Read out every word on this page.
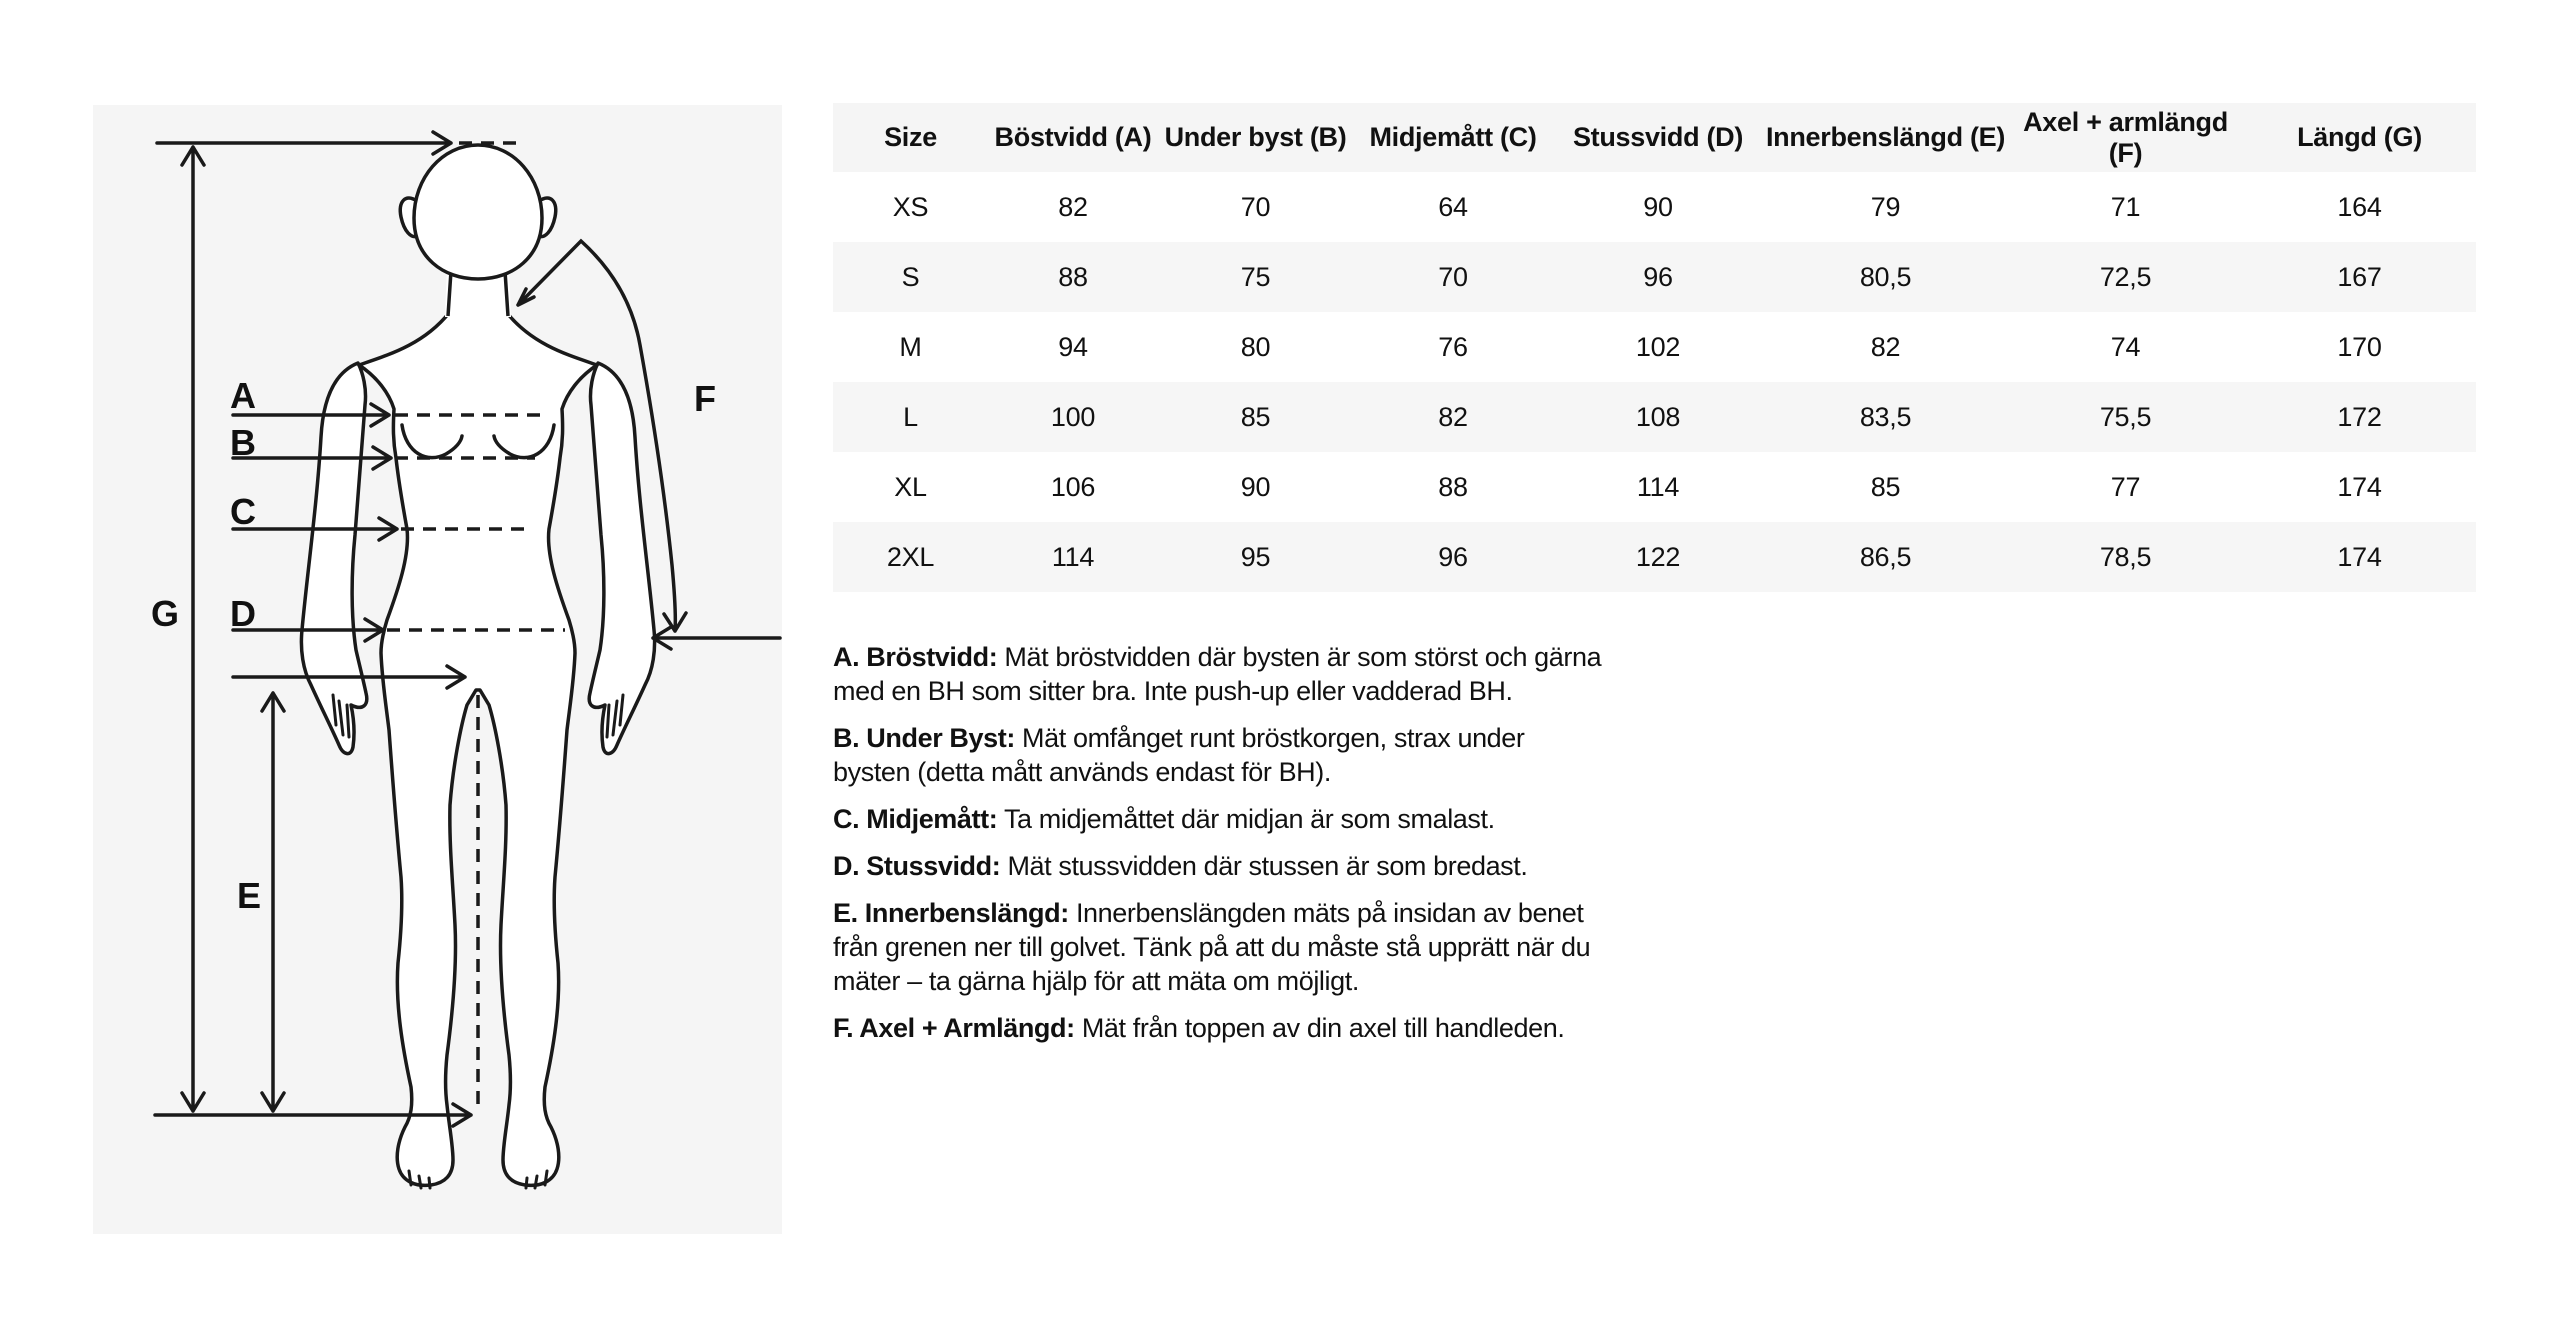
A
B
C
D
G
E
F
Size	Böstvidd (A)	Under byst (B)	Midjemått (C)	Stussvidd (D)	Innerbenslängd (E)	Axel + armlängd (F)	Längd (G)
XS	82	70	64	90	79	71	164
S	88	75	70	96	80,5	72,5	167
M	94	80	76	102	82	74	170
L	100	85	82	108	83,5	75,5	172
XL	106	90	88	114	85	77	174
2XL	114	95	96	122	86,5	78,5	174

A. Bröstvidd: Mät bröstvidden där bysten är som störst och gärna med en BH som sitter bra. Inte push-up eller vadderad BH.

B. Under Byst: Mät omfånget runt bröstkorgen, strax under bysten (detta mått används endast för BH).

C. Midjemått: Ta midjemåttet där midjan är som smalast.

D. Stussvidd: Mät stussvidden där stussen är som bredast.

E. Innerbenslängd: Innerbenslängden mäts på insidan av benet från grenen ner till golvet. Tänk på att du måste stå upprätt när du mäter – ta gärna hjälp för att mäta om möjligt.

F. Axel + Armlängd: Mät från toppen av din axel till handleden.
